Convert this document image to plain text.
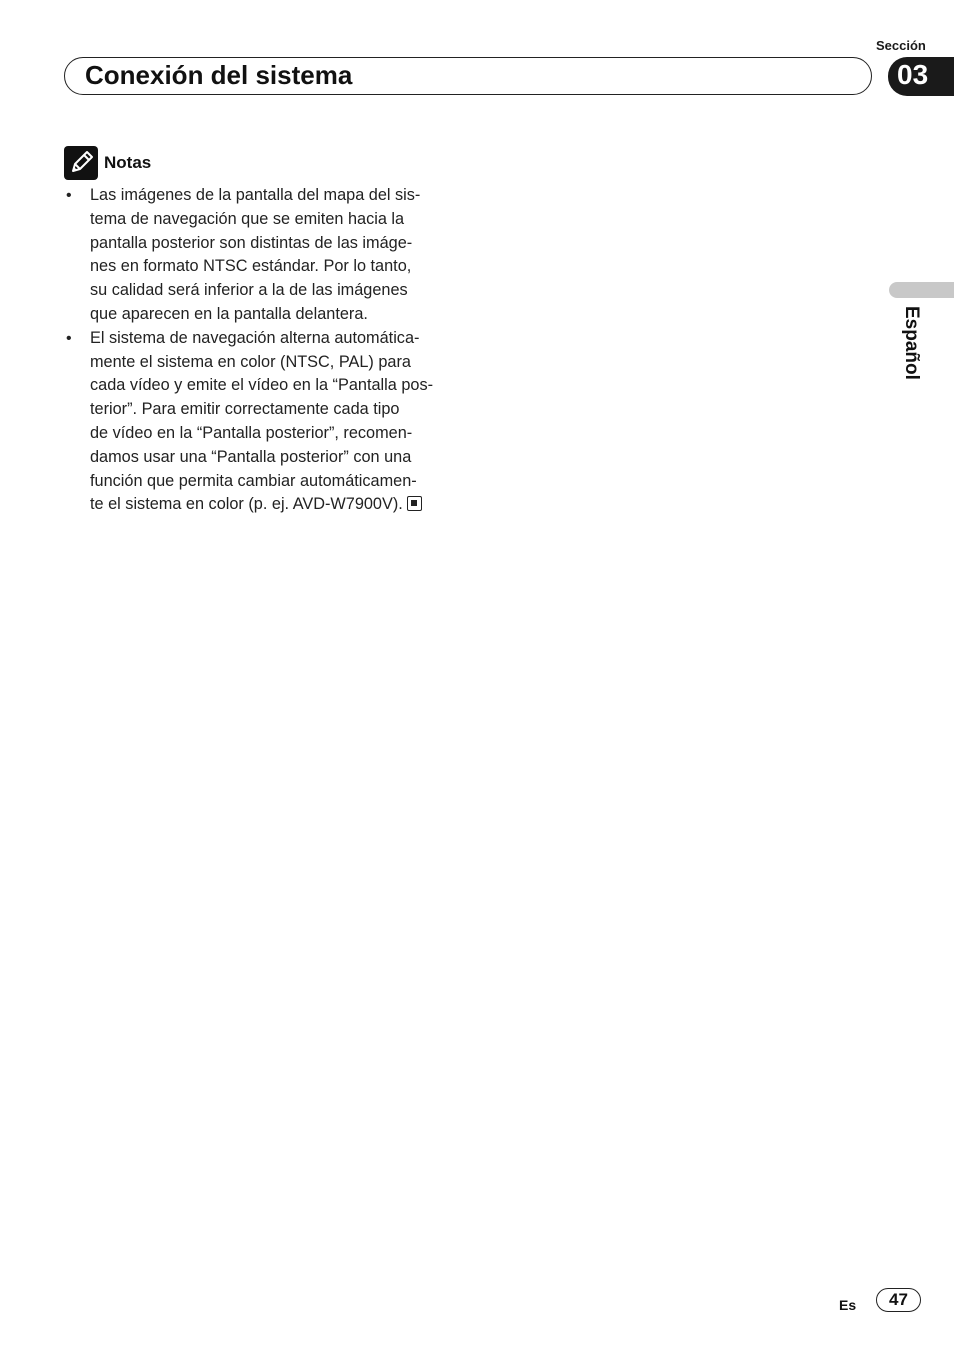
Sección
Conexión del sistema	03
Español
Notas
• Las imágenes de la pantalla del mapa del sis-
tema de navegación que se emiten hacia la
pantalla posterior son distintas de las imáge-
nes en formato NTSC estándar. Por lo tanto,
su calidad será inferior a la de las imágenes
que aparecen en la pantalla delantera.
• El sistema de navegación alterna automática-
mente el sistema en color (NTSC, PAL) para
cada vídeo y emite el vídeo en la “Pantalla pos-
terior”. Para emitir correctamente cada tipo
de vídeo en la “Pantalla posterior”, recomen-
damos usar una “Pantalla posterior” con una
función que permita cambiar automáticamen-
te el sistema en color (p. ej. AVD-W7900V).
Es	47
